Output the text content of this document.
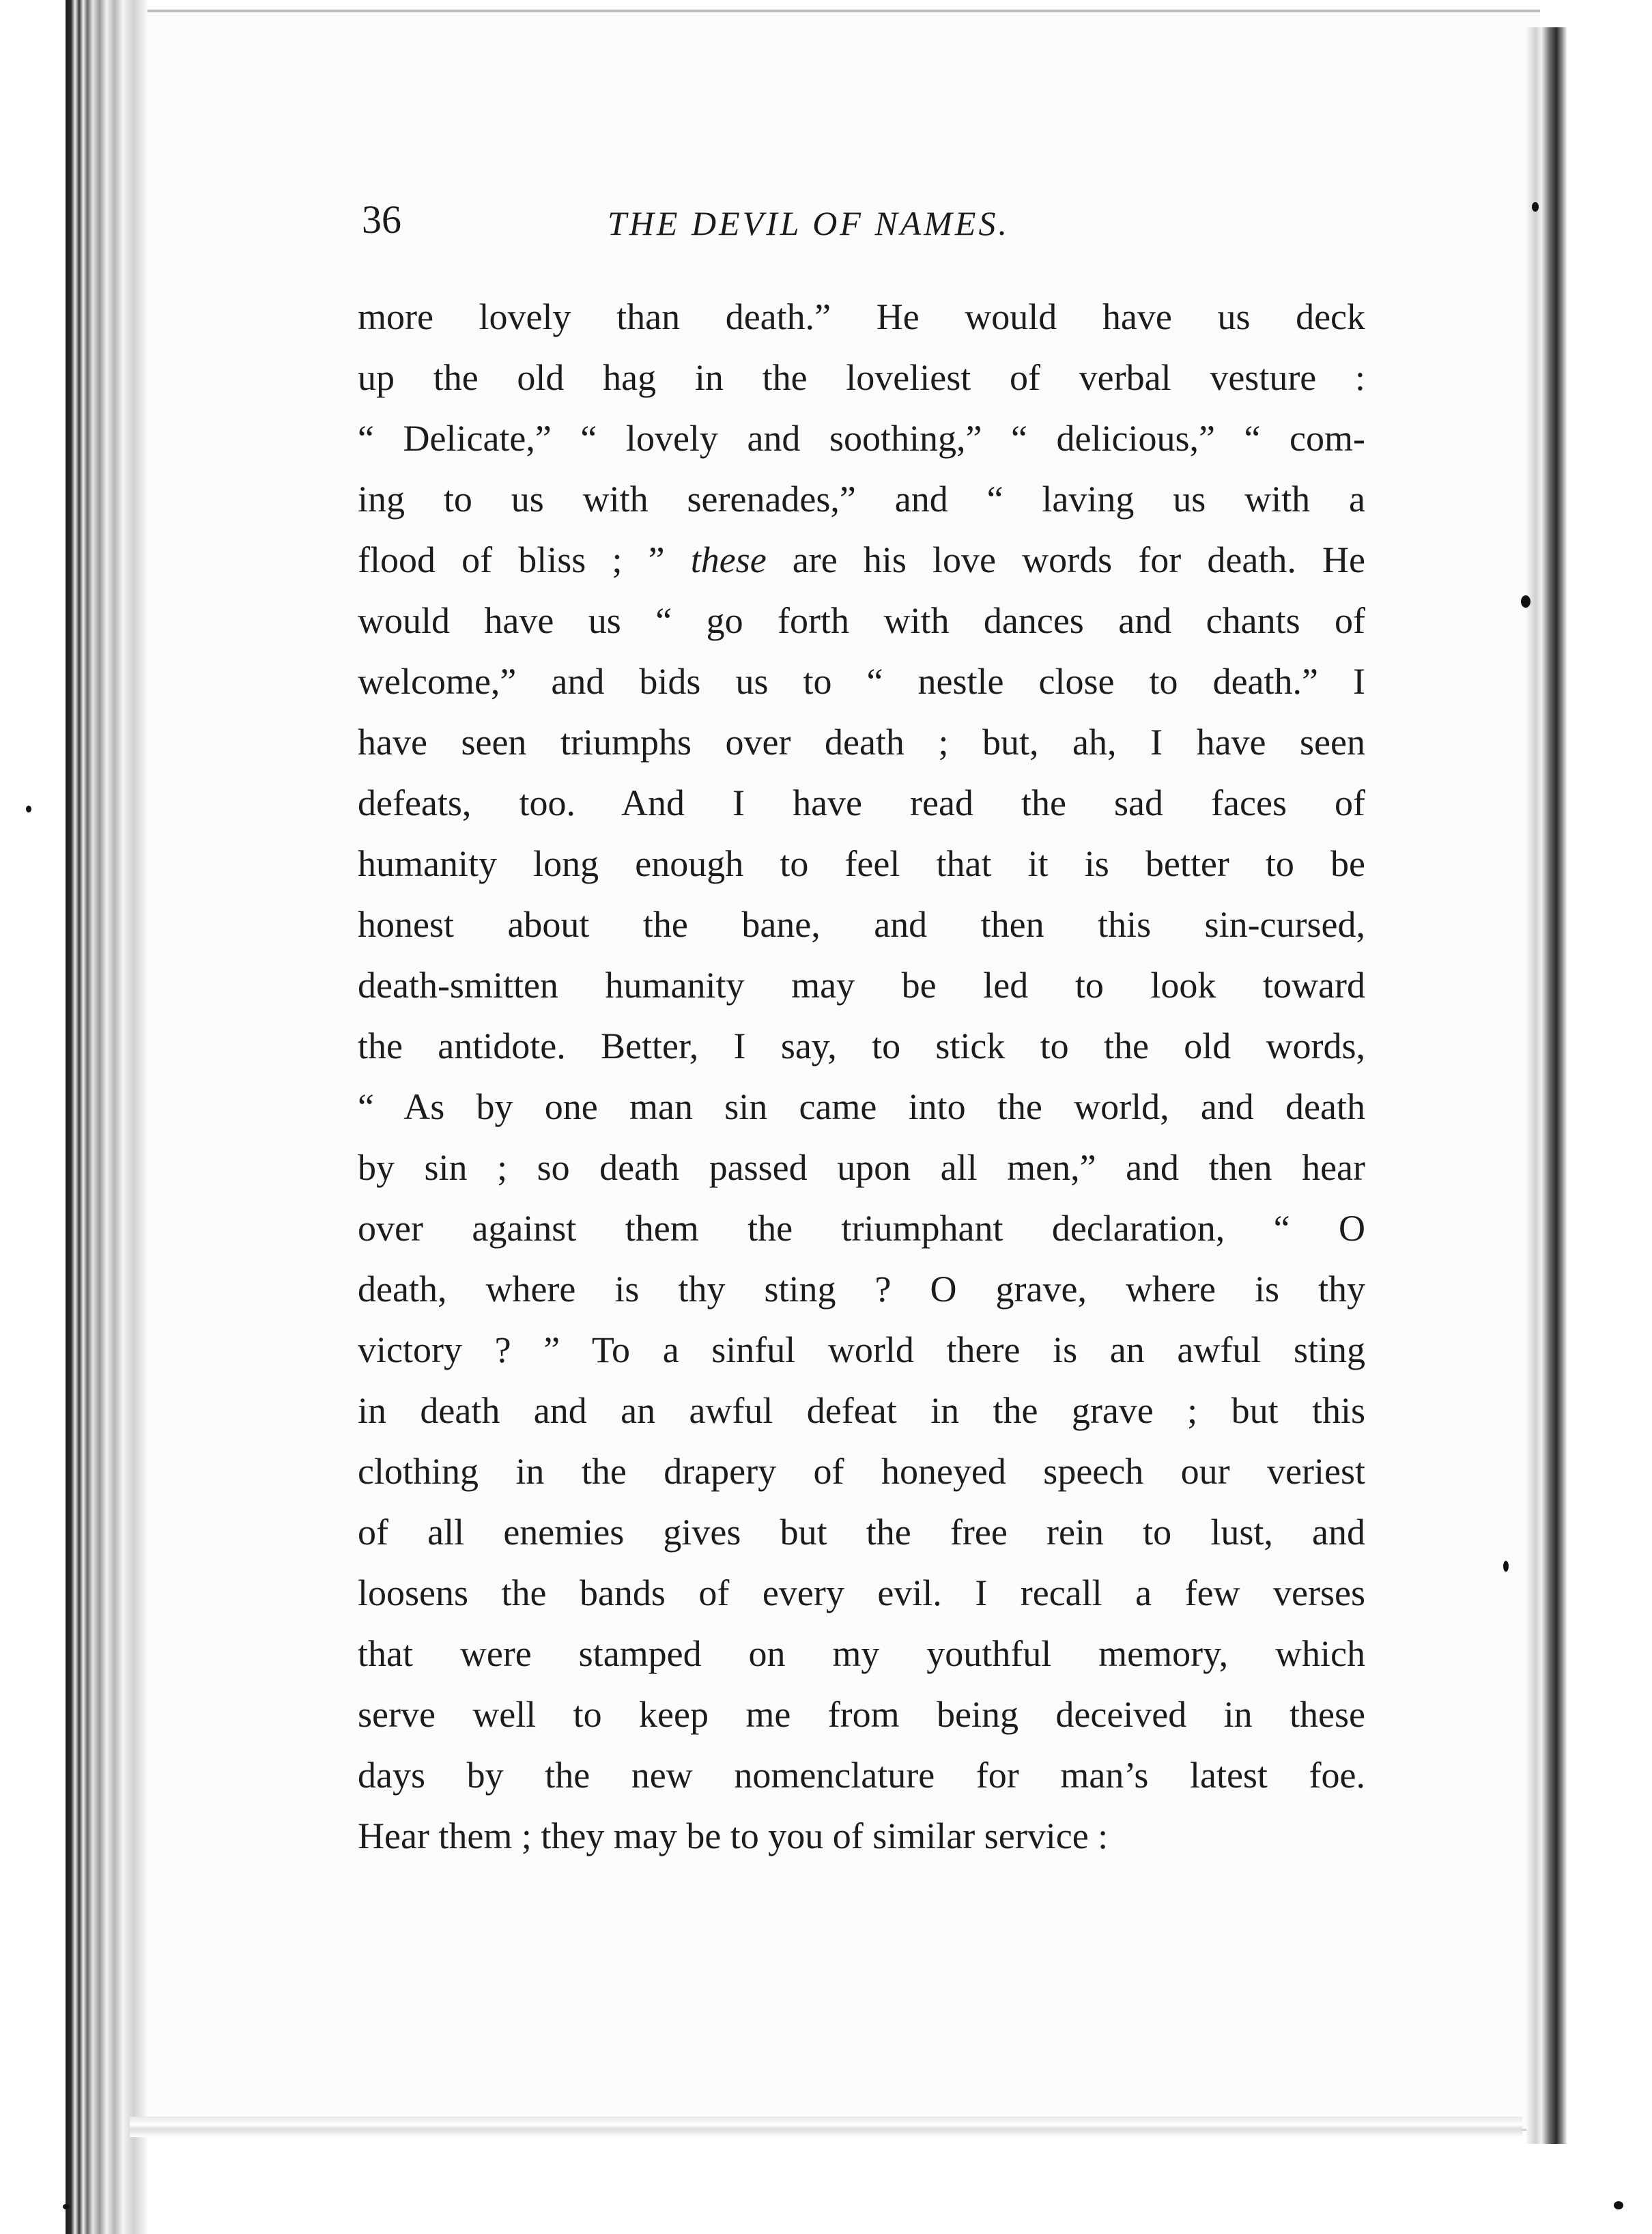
36	THE DEVIL OF NAMES.
more lovely than death.” He would have us deck
up the old hag in the loveliest of verbal vesture :
“ Delicate,” “ lovely and soothing,” “ delicious,” “ com-
ing to us with serenades,” and “ laving us with a
flood of bliss ; ” these are his love words for death. He
would have us “ go forth with dances and chants of
welcome,” and bids us to “ nestle close to death.” I
have seen triumphs over death ; but, ah, I have seen
defeats, too. And I have read the sad faces of
humanity long enough to feel that it is better to be
honest about the bane, and then this sin-cursed,
death-smitten humanity may be led to look toward
the antidote. Better, I say, to stick to the old words,
“ As by one man sin came into the world, and death
by sin ; so death passed upon all men,” and then hear
over against them the triumphant declaration, “ O
death, where is thy sting ? O grave, where is thy
victory ? ” To a sinful world there is an awful sting
in death and an awful defeat in the grave ; but this
clothing in the drapery of honeyed speech our veriest
of all enemies gives but the free rein to lust, and
loosens the bands of every evil. I recall a few verses
that were stamped on my youthful memory, which
serve well to keep me from being deceived in these
days by the new nomenclature for man’s latest foe.
Hear them ; they may be to you of similar service :
